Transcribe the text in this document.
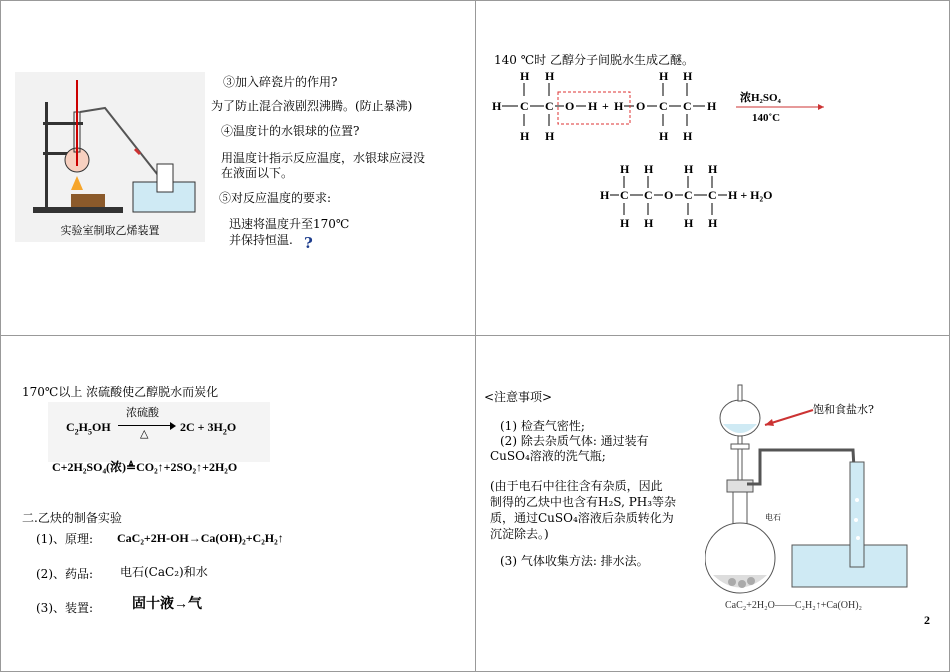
实验室制取乙烯装置
③加入碎瓷片的作用?
为了防止混合液剧烈沸腾。(防止暴沸)
④温度计的水银球的位置?
用温度计指示反应温度，水银球应浸没
在液面以下。
⑤对反应温度的要求:
迅速将温度升至170℃
并保持恒温. ?
140 ℃时 乙醇分子间脱水生成乙醚。
H H
H C C O H + H O C C H
H H
H H	H H
浓H₂SO₄
140˚C
H H	H H
H C C O C C H + H₂O
H H	H H
170℃以上 浓硫酸使乙醇脱水而炭化
$C_2H_5OH$
浓硫酸
△	$2C + 3H_2O$
C+2H₂SO₄(浓)≜CO₂↑+2SO₂↑+2H₂O
二.乙炔的制备实验
(1)、原理: CaC₂+2H-OH→Ca(OH)₂+C₂H₂↑
(2)、药品: 电石(CaC₂)和水
(3)、装置:	固十液→气
<注意事项>
(1) 检查气密性;
(2) 除去杂质气体: 通过装有
CuSO₄溶液的洗气瓶;
(由于电石中往往含有杂质，因此
制得的乙炔中也含有H₂S, PH₃等杂
质，通过CuSO₄溶液后杂质转化为
沉淀除去。)
(3) 气体收集方法: 排水法。
饱和食盐水?
电石
CaC₂+2H₂O——C₂H₂↑+Ca(OH)₂
2
